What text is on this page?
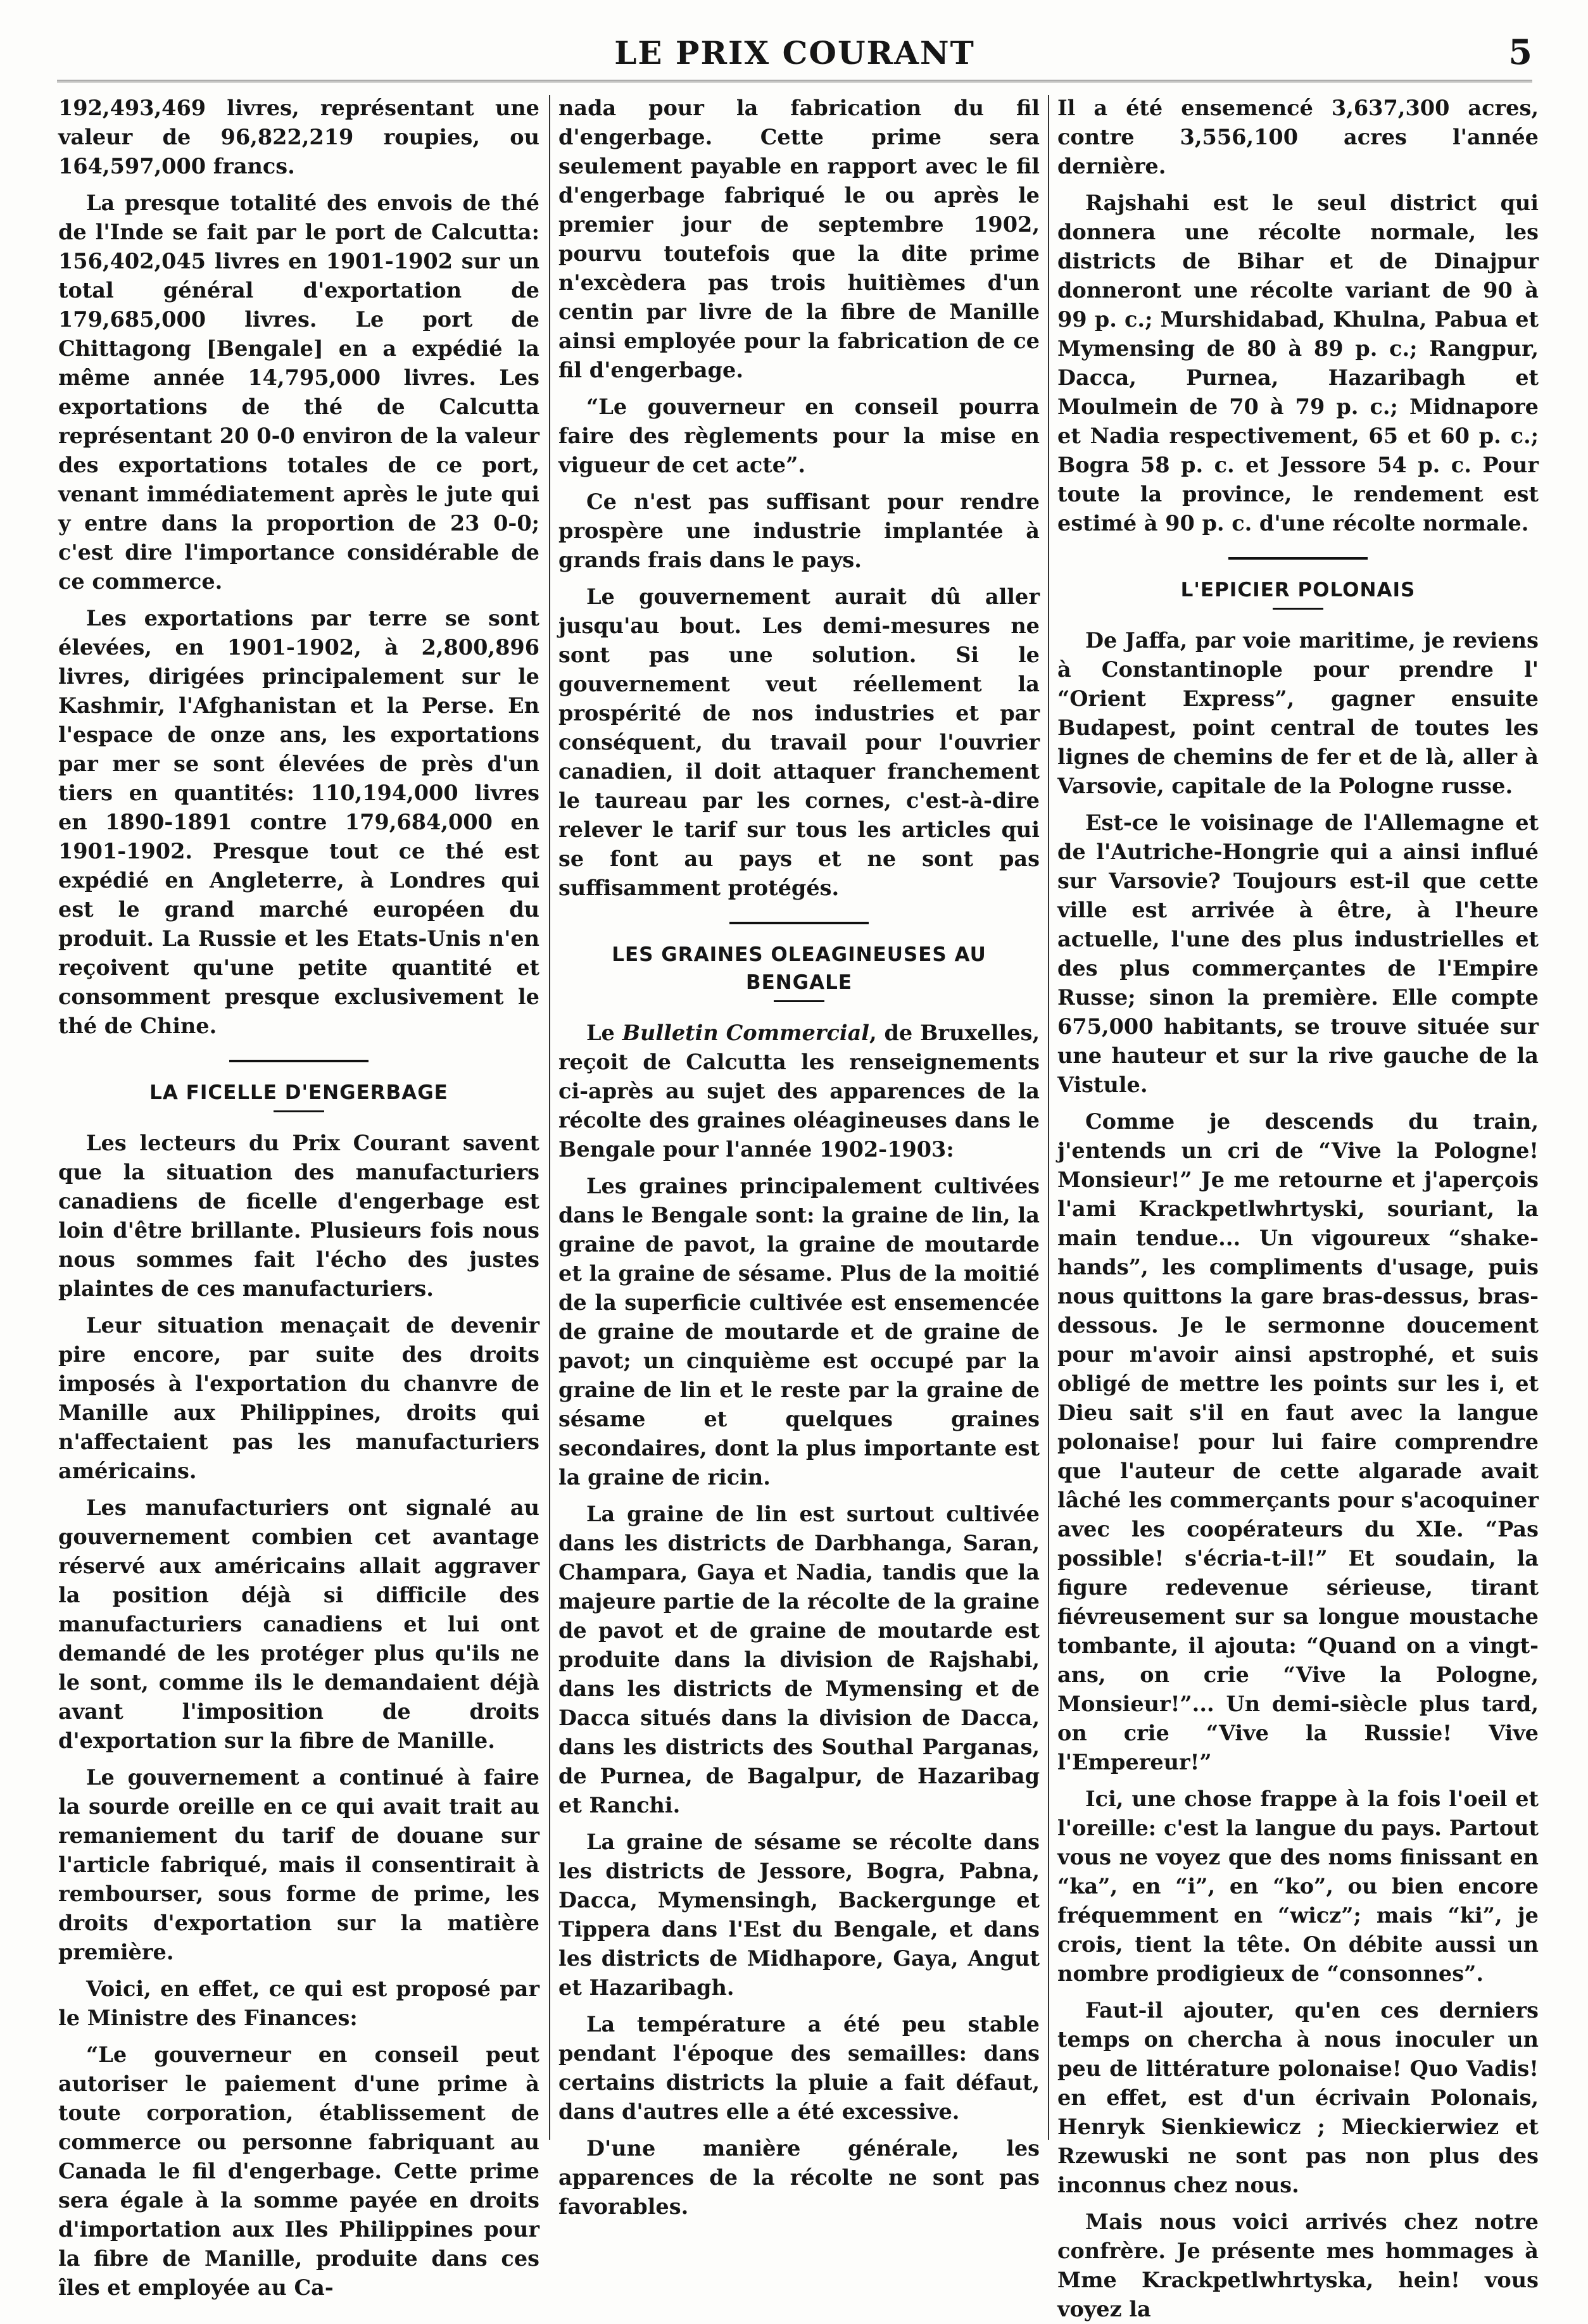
LE PRIX COURANT	5

192,493,469 livres, représentant une valeur de 96,822,219 roupies, ou 164,597,000 francs.

La presque totalité des envois de thé de l'Inde se fait par le port de Calcutta: 156,402,045 livres en 1901-1902 sur un total général d'exportation de 179,685,000 livres. Le port de Chittagong [Bengale] en a expédié la même année 14,795,000 livres. Les exportations de thé de Calcutta représentant 20 0-0 environ de la valeur des exportations totales de ce port, venant immédiatement après le jute qui y entre dans la proportion de 23 0-0; c'est dire l'importance considérable de ce commerce.

Les exportations par terre se sont élevées, en 1901-1902, à 2,800,896 livres, dirigées principalement sur le Kashmir, l'Afghanistan et la Perse. En l'espace de onze ans, les exportations par mer se sont élevées de près d'un tiers en quantités: 110,194,000 livres en 1890-1891 contre 179,684,000 en 1901-1902. Presque tout ce thé est expédié en Angleterre, à Londres qui est le grand marché européen du produit. La Russie et les Etats-Unis n'en reçoivent qu'une petite quantité et consomment presque exclusivement le thé de Chine.

LA FICELLE D'ENGERBAGE

Les lecteurs du Prix Courant savent que la situation des manufacturiers canadiens de ficelle d'engerbage est loin d'être brillante. Plusieurs fois nous nous sommes fait l'écho des justes plaintes de ces manufacturiers.

Leur situation menaçait de devenir pire encore, par suite des droits imposés à l'exportation du chanvre de Manille aux Philippines, droits qui n'affectaient pas les manufacturiers américains.

Les manufacturiers ont signalé au gouvernement combien cet avantage réservé aux américains allait aggraver la position déjà si difficile des manufacturiers canadiens et lui ont demandé de les protéger plus qu'ils ne le sont, comme ils le demandaient déjà avant l'imposition de droits d'exportation sur la fibre de Manille.

Le gouvernement a continué à faire la sourde oreille en ce qui avait trait au remaniement du tarif de douane sur l'article fabriqué, mais il consentirait à rembourser, sous forme de prime, les droits d'exportation sur la matière première.

Voici, en effet, ce qui est proposé par le Ministre des Finances:

“Le gouverneur en conseil peut autoriser le paiement d'une prime à toute corporation, établissement de commerce ou personne fabriquant au Canada le fil d'engerbage. Cette prime sera égale à la somme payée en droits d'importation aux Iles Philippines pour la fibre de Manille, produite dans ces îles et employée au Ca-

nada pour la fabrication du fil d'engerbage. Cette prime sera seulement payable en rapport avec le fil d'engerbage fabriqué le ou après le premier jour de septembre 1902, pourvu toutefois que la dite prime n'excèdera pas trois huitièmes d'un centin par livre de la fibre de Manille ainsi employée pour la fabrication de ce fil d'engerbage.

“Le gouverneur en conseil pourra faire des règlements pour la mise en vigueur de cet acte”.

Ce n'est pas suffisant pour rendre prospère une industrie implantée à grands frais dans le pays.

Le gouvernement aurait dû aller jusqu'au bout. Les demi-mesures ne sont pas une solution. Si le gouvernement veut réellement la prospérité de nos industries et par conséquent, du travail pour l'ouvrier canadien, il doit attaquer franchement le taureau par les cornes, c'est-à-dire relever le tarif sur tous les articles qui se font au pays et ne sont pas suffisamment protégés.

LES GRAINES OLEAGINEUSES AU
BENGALE

Le Bulletin Commercial, de Bruxelles, reçoit de Calcutta les renseignements ci-après au sujet des apparences de la récolte des graines oléagineuses dans le Bengale pour l'année 1902-1903:

Les graines principalement cultivées dans le Bengale sont: la graine de lin, la graine de pavot, la graine de moutarde et la graine de sésame. Plus de la moitié de la superficie cultivée est ensemencée de graine de moutarde et de graine de pavot; un cinquième est occupé par la graine de lin et le reste par la graine de sésame et quelques graines secondaires, dont la plus importante est la graine de ricin.

La graine de lin est surtout cultivée dans les districts de Darbhanga, Saran, Champara, Gaya et Nadia, tandis que la majeure partie de la récolte de la graine de pavot et de graine de moutarde est produite dans la division de Rajshabi, dans les districts de Mymensing et de Dacca situés dans la division de Dacca, dans les districts des Southal Parganas, de Purnea, de Bagalpur, de Hazaribag et Ranchi.

La graine de sésame se récolte dans les districts de Jessore, Bogra, Pabna, Dacca, Mymensingh, Backergunge et Tippera dans l'Est du Bengale, et dans les districts de Midhapore, Gaya, Angut et Hazaribagh.

La température a été peu stable pendant l'époque des semailles: dans certains districts la pluie a fait défaut, dans d'autres elle a été excessive.

D'une manière générale, les apparences de la récolte ne sont pas favorables.

Il a été ensemencé 3,637,300 acres, contre 3,556,100 acres l'année dernière.

Rajshahi est le seul district qui donnera une récolte normale, les districts de Bihar et de Dinajpur donneront une récolte variant de 90 à 99 p. c.; Murshidabad, Khulna, Pabua et Mymensing de 80 à 89 p. c.; Rangpur, Dacca, Purnea, Hazaribagh et Moulmein de 70 à 79 p. c.; Midnapore et Nadia respectivement, 65 et 60 p. c.; Bogra 58 p. c. et Jessore 54 p. c. Pour toute la province, le rendement est estimé à 90 p. c. d'une récolte normale.

L'EPICIER POLONAIS

De Jaffa, par voie maritime, je reviens à Constantinople pour prendre l' “Orient Express”, gagner ensuite Budapest, point central de toutes les lignes de chemins de fer et de là, aller à Varsovie, capitale de la Pologne russe.

Est-ce le voisinage de l'Allemagne et de l'Autriche-Hongrie qui a ainsi influé sur Varsovie? Toujours est-il que cette ville est arrivée à être, à l'heure actuelle, l'une des plus industrielles et des plus commerçantes de l'Empire Russe; sinon la première. Elle compte 675,000 habitants, se trouve située sur une hauteur et sur la rive gauche de la Vistule.

Comme je descends du train, j'entends un cri de “Vive la Pologne! Monsieur!” Je me retourne et j'aperçois l'ami Krackpetlwhrtyski, souriant, la main tendue... Un vigoureux “shake-hands”, les compliments d'usage, puis nous quittons la gare bras-dessus, bras-dessous. Je le sermonne doucement pour m'avoir ainsi apstrophé, et suis obligé de mettre les points sur les i, et Dieu sait s'il en faut avec la langue polonaise! pour lui faire comprendre que l'auteur de cette algarade avait lâché les commerçants pour s'acoquiner avec les coopérateurs du XIe. “Pas possible! s'écria-t-il!” Et soudain, la figure redevenue sérieuse, tirant fiévreusement sur sa longue moustache tombante, il ajouta: “Quand on a vingt-ans, on crie “Vive la Pologne, Monsieur!”... Un demi-siècle plus tard, on crie “Vive la Russie! Vive l'Empereur!”

Ici, une chose frappe à la fois l'oeil et l'oreille: c'est la langue du pays. Partout vous ne voyez que des noms finissant en “ka”, en “i”, en “ko”, ou bien encore fréquemment en “wicz”; mais “ki”, je crois, tient la tête. On débite aussi un nombre prodigieux de “consonnes”.

Faut-il ajouter, qu'en ces derniers temps on chercha à nous inoculer un peu de littérature polonaise! Quo Vadis! en effet, est d'un écrivain Polonais, Henryk Sienkiewicz ; Mieckierwiez et Rzewuski ne sont pas non plus des inconnus chez nous.

Mais nous voici arrivés chez notre confrère. Je présente mes hommages à Mme Krackpetlwhrtyska, hein! vous voyez la
